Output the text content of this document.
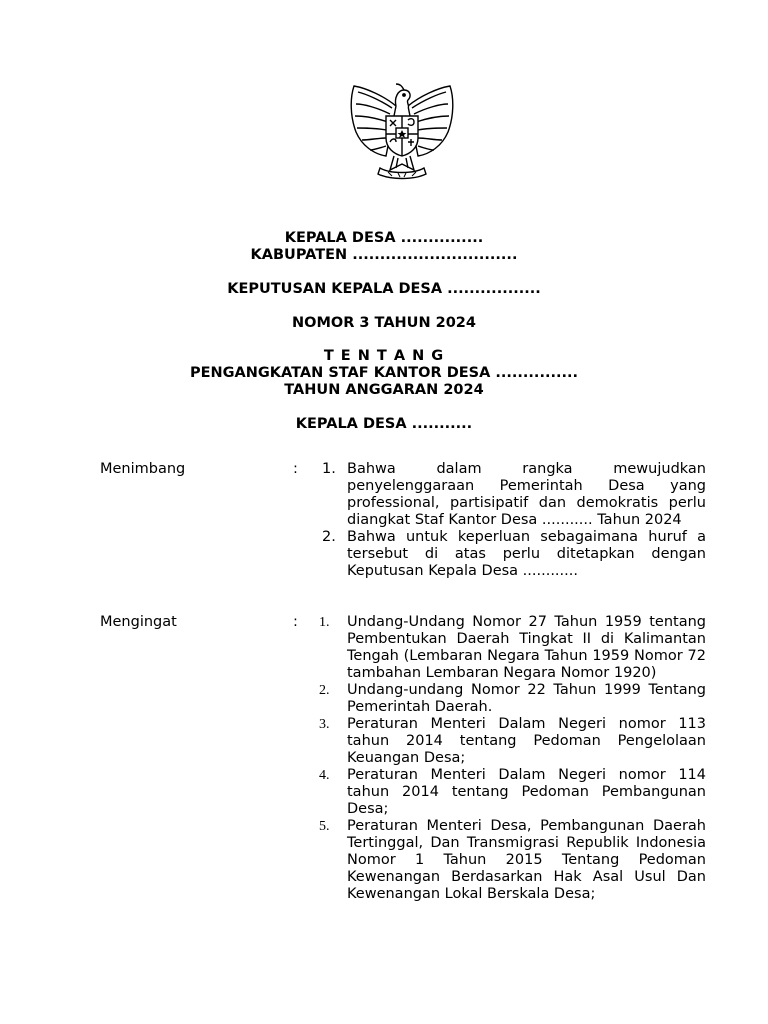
KEPALA DESA ...............
KABUPATEN ..............................
KEPUTUSAN KEPALA DESA .................
NOMOR 3 TAHUN 2024
T E N T A N G
PENGANGKATAN STAF KANTOR DESA ...............
TAHUN ANGGARAN 2024
KEPALA DESA ...........
Menimbang	: 1. Bahwa dalam rangka mewujudkan penyelenggaraan Pemerintah Desa yang professional, partisipatif dan demokratis perlu diangkat Staf Kantor Desa ........... Tahun 2024
2. Bahwa untuk keperluan sebagaimana huruf a tersebut di atas perlu ditetapkan dengan Keputusan Kepala Desa ............
Mengingat	: 1. Undang-Undang Nomor 27 Tahun 1959 tentang Pembentukan Daerah Tingkat II di Kalimantan Tengah (Lembaran Negara Tahun 1959 Nomor 72 tambahan Lembaran Negara Nomor 1920)
2. Undang-undang Nomor 22 Tahun 1999 Tentang Pemerintah Daerah.
3. Peraturan Menteri Dalam Negeri nomor 113 tahun 2014 tentang Pedoman Pengelolaan Keuangan Desa;
4. Peraturan Menteri Dalam Negeri nomor 114 tahun 2014 tentang Pedoman Pembangunan Desa;
5. Peraturan Menteri Desa, Pembangunan Daerah Tertinggal, Dan Transmigrasi Republik Indonesia Nomor 1 Tahun 2015 Tentang Pedoman Kewenangan Berdasarkan Hak Asal Usul Dan Kewenangan Lokal Berskala Desa;
